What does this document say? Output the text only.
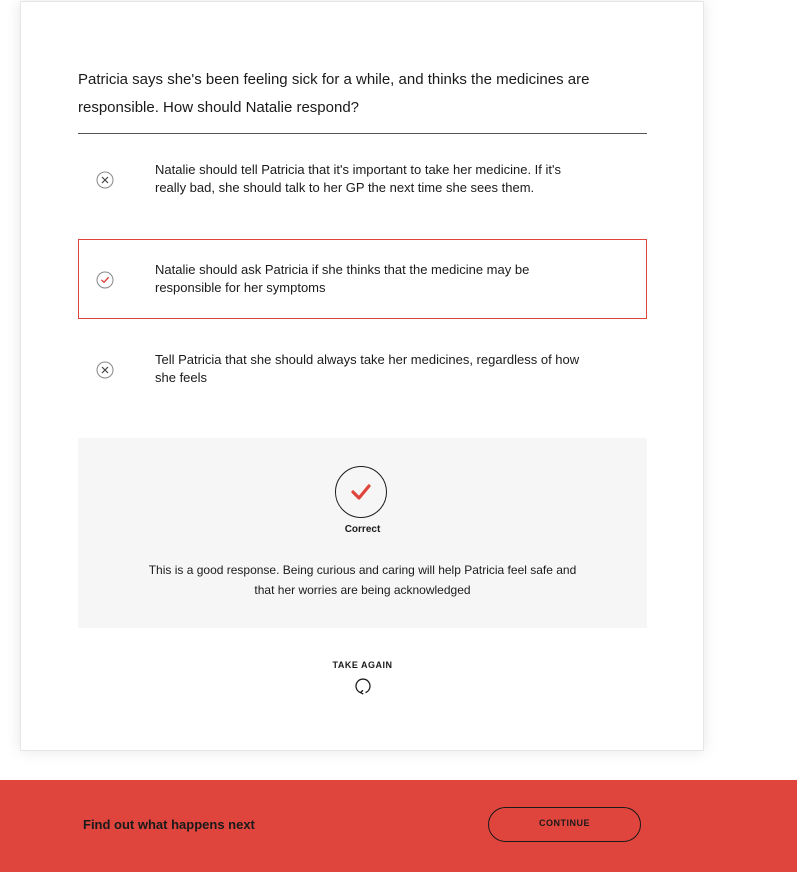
Patricia says she's been feeling sick for a while, and thinks the medicines are responsible. How should Natalie respond?

Natalie should tell Patricia that it's important to take her medicine. If it's really bad, she should talk to her GP the next time she sees them.
Natalie should ask Patricia if she thinks that the medicine may be responsible for her symptoms
Tell Patricia that she should always take her medicines, regardless of how she feels
Correct
This is a good response. Being curious and caring will help Patricia feel safe and that her worries are being acknowledged
TAKE AGAIN
Find out what happens next	CONTINUE
